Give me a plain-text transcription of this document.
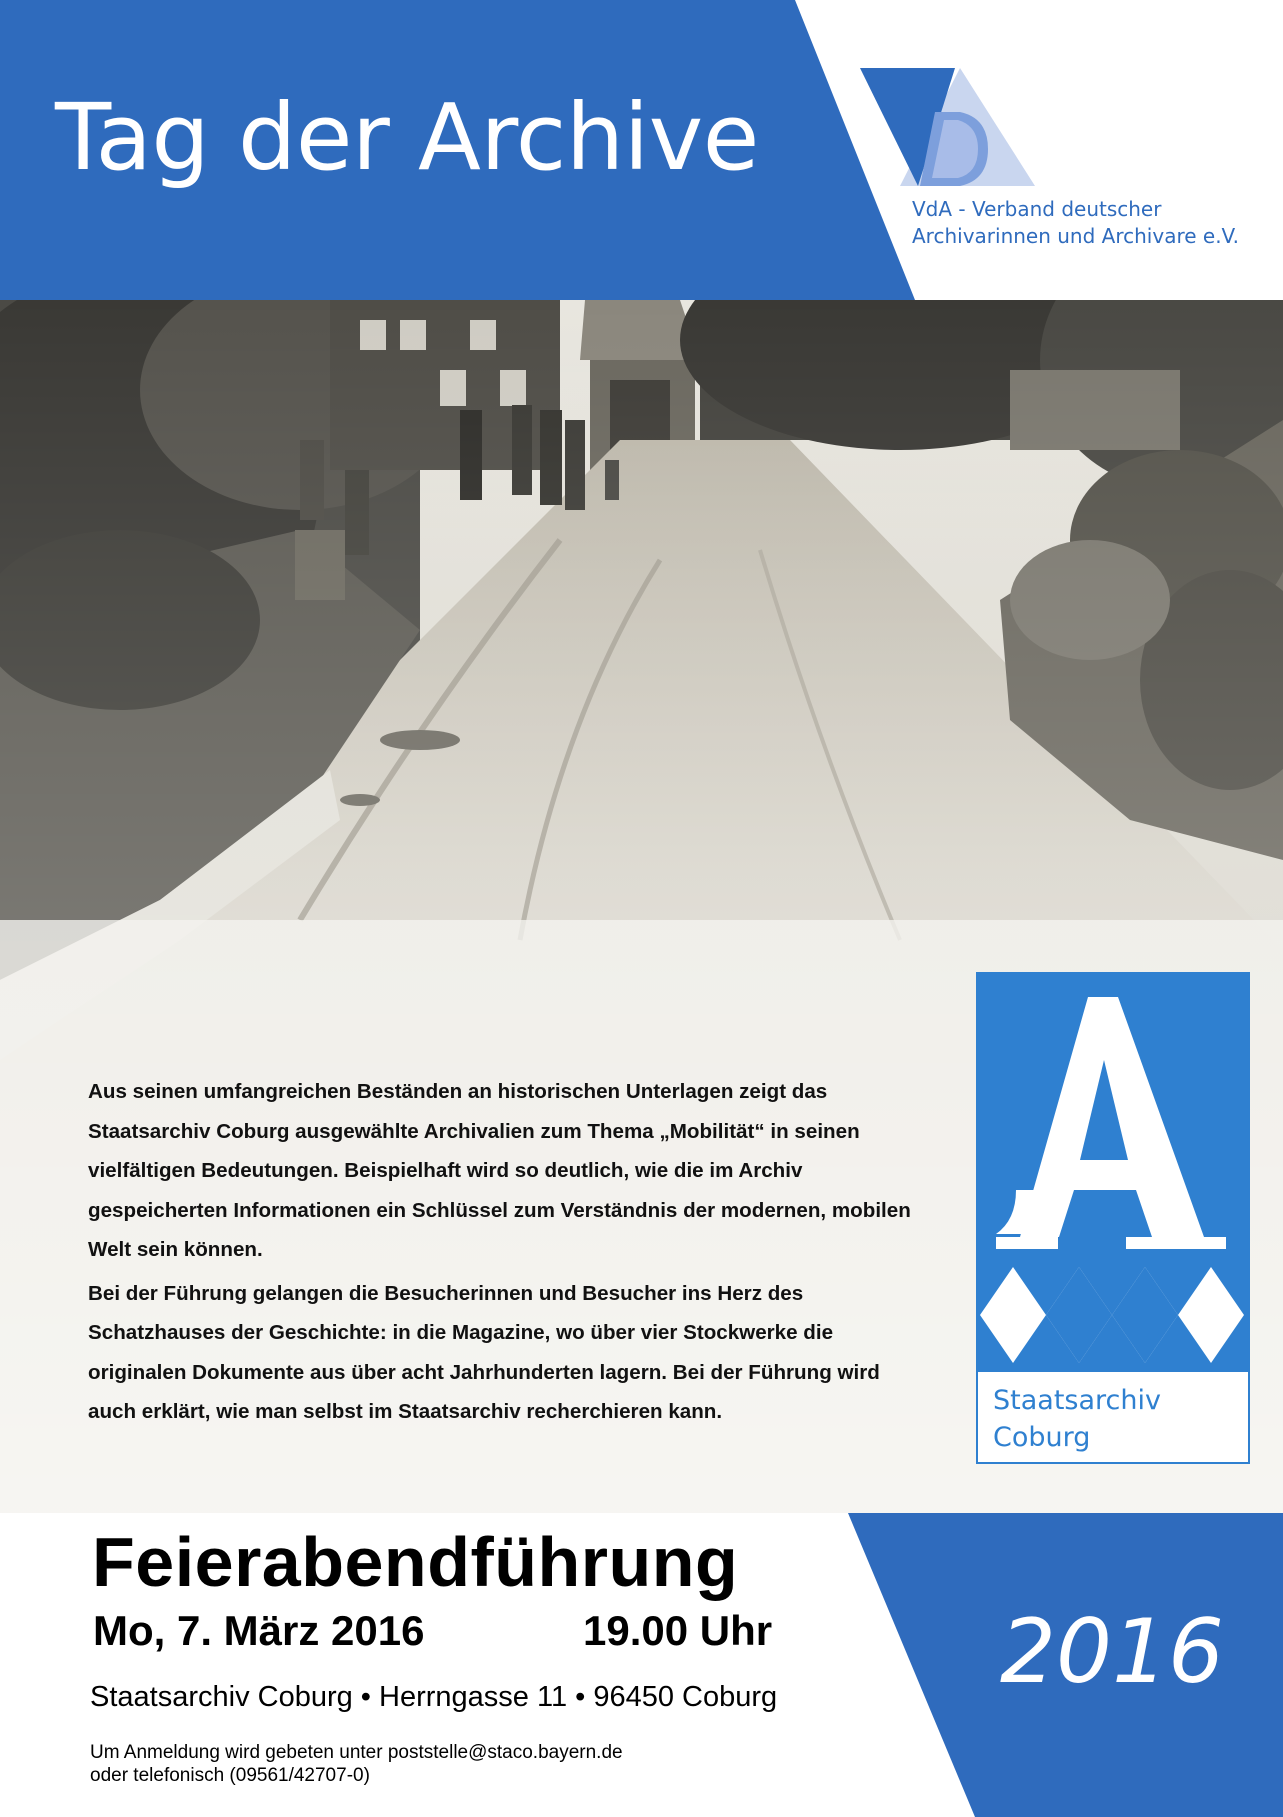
Tag der Archive
VdA - Verband deutscher
Archivarinnen und Archivare e.V.

Aus seinen umfangreichen Beständen an historischen Unterlagen zeigt das Staatsarchiv Coburg ausgewählte Archivalien zum Thema „Mobilität“ in seinen vielfältigen Bedeutungen. Beispielhaft wird so deutlich, wie die im Archiv gespeicherten Informationen ein Schlüssel zum Verständnis der modernen, mobilen Welt sein können.

Bei der Führung gelangen die Besucherinnen und Besucher ins Herz des Schatzhauses der Geschichte: in die Magazine, wo über vier Stockwerke die originalen Dokumente aus über acht Jahrhunderten lagern. Bei der Führung wird auch erklärt, wie man selbst im Staatsarchiv recherchieren kann.	Staatsarchiv
Coburg
Feierabendführung
Mo, 7. März 2016	19.00 Uhr
Staatsarchiv Coburg • Herrngasse 11 • 96450 Coburg
Um Anmeldung wird gebeten unter poststelle@staco.bayern.de
oder telefonisch (09561/42707-0)
2016
